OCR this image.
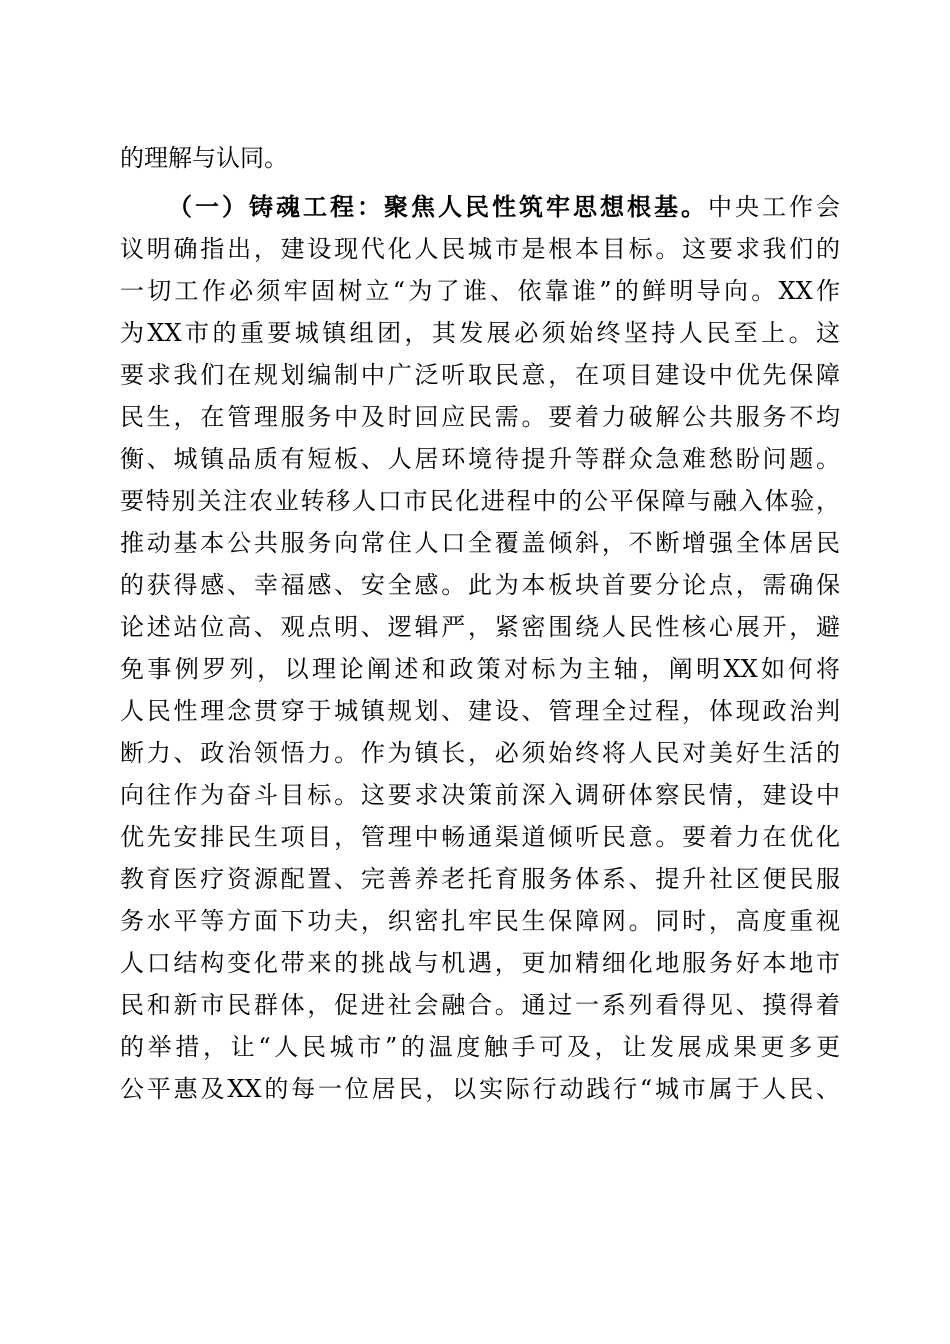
的理解与认同。
（一）铸魂工程：聚焦人民性筑牢思想根基。中央工作会
议明确指出，建设现代化人民城市是根本目标。这要求我们的
一切工作必须牢固树立“为了谁、依靠谁”的鲜明导向。XX作
为XX市的重要城镇组团，其发展必须始终坚持人民至上。这
要求我们在规划编制中广泛听取民意，在项目建设中优先保障
民生，在管理服务中及时回应民需。要着力破解公共服务不均
衡、城镇品质有短板、人居环境待提升等群众急难愁盼问题。
要特别关注农业转移人口市民化进程中的公平保障与融入体验，
推动基本公共服务向常住人口全覆盖倾斜，不断增强全体居民
的获得感、幸福感、安全感。此为本板块首要分论点，需确保
论述站位高、观点明、逻辑严，紧密围绕人民性核心展开，避
免事例罗列，以理论阐述和政策对标为主轴，阐明XX如何将
人民性理念贯穿于城镇规划、建设、管理全过程，体现政治判
断力、政治领悟力。作为镇长，必须始终将人民对美好生活的
向往作为奋斗目标。这要求决策前深入调研体察民情，建设中
优先安排民生项目，管理中畅通渠道倾听民意。要着力在优化
教育医疗资源配置、完善养老托育服务体系、提升社区便民服
务水平等方面下功夫，织密扎牢民生保障网。同时，高度重视
人口结构变化带来的挑战与机遇，更加精细化地服务好本地市
民和新市民群体，促进社会融合。通过一系列看得见、摸得着
的举措，让“人民城市”的温度触手可及，让发展成果更多更
公平惠及XX的每一位居民，以实际行动践行“城市属于人民、
